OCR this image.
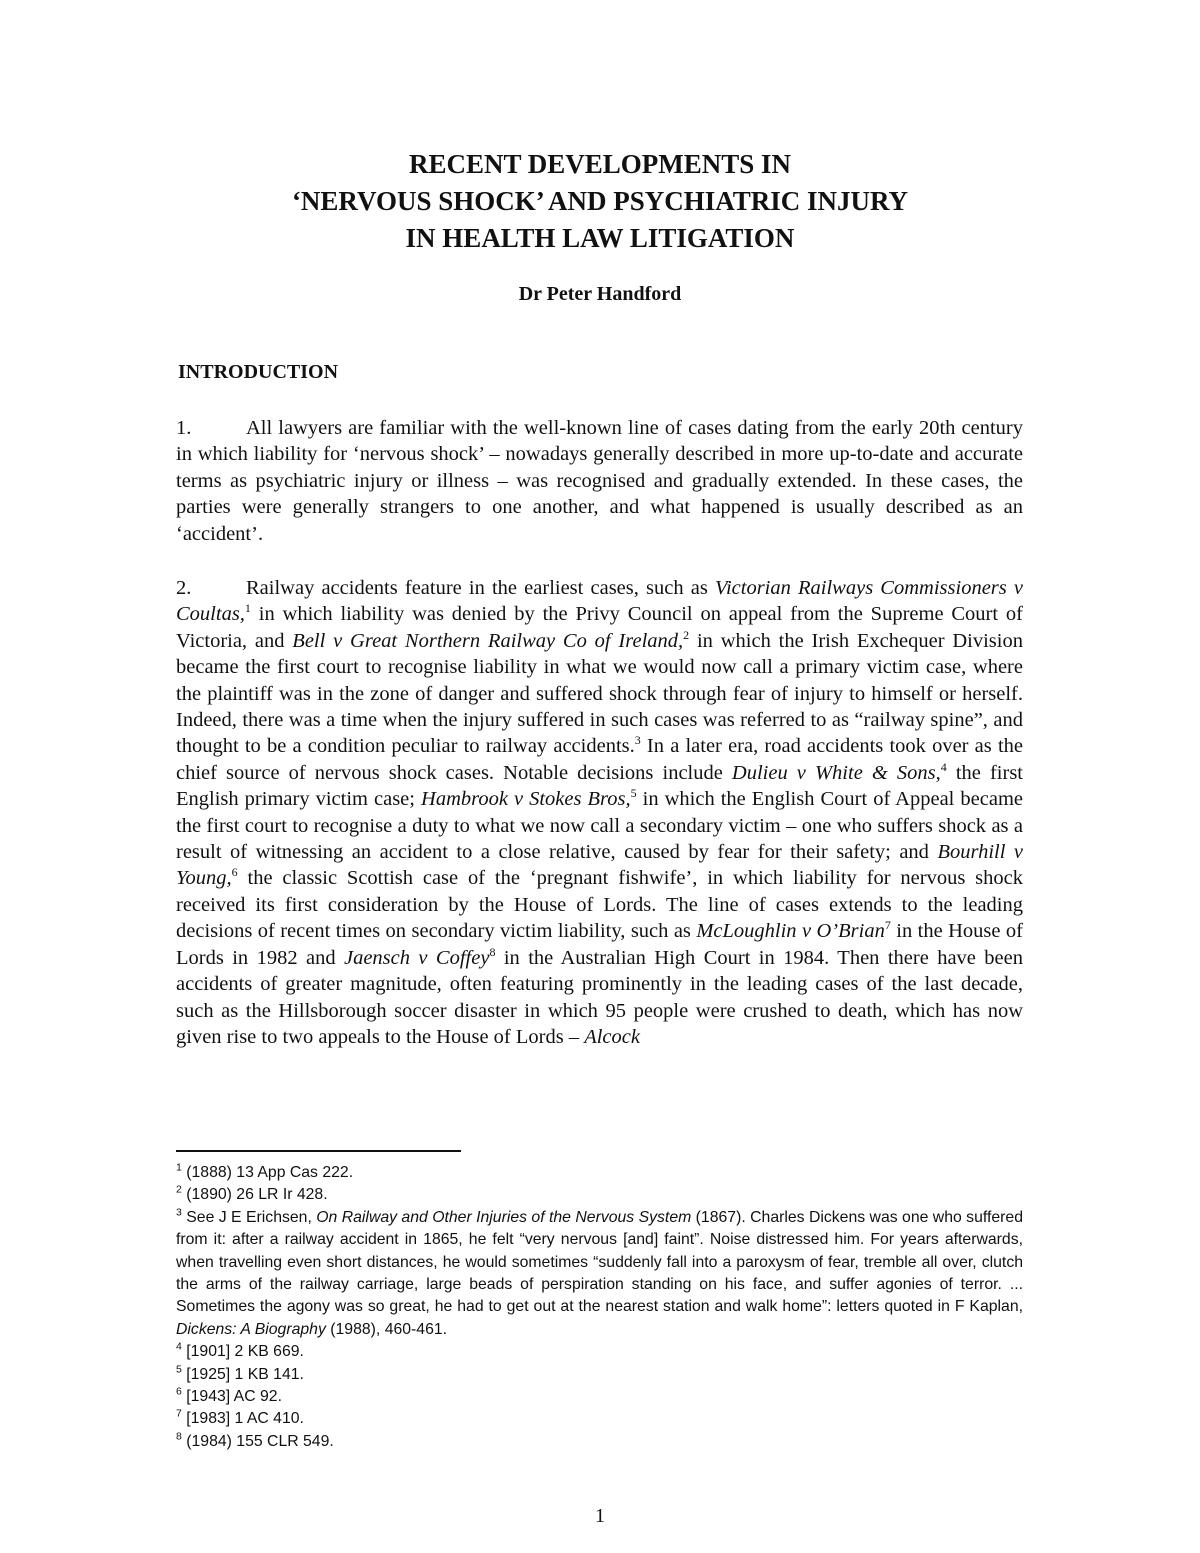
RECENT DEVELOPMENTS IN

‘NERVOUS SHOCK’ AND PSYCHIATRIC INJURY

IN HEALTH LAW LITIGATION

Dr Peter Handford
INTRODUCTION

1.	All lawyers are familiar with the well-known line of cases dating from the early 20th century in which liability for ‘nervous shock’ – nowadays generally described in more up-to-date and accurate terms as psychiatric injury or illness – was recognised and gradually extended. In these cases, the parties were generally strangers to one another, and what happened is usually described as an ‘accident’.

2.	Railway accidents feature in the earliest cases, such as Victorian Railways Commissioners v Coultas,$^1$ in which liability was denied by the Privy Council on appeal from the Supreme Court of Victoria, and Bell v Great Northern Railway Co of Ireland,$^2$ in which the Irish Exchequer Division became the first court to recognise liability in what we would now call a primary victim case, where the plaintiff was in the zone of danger and suffered shock through fear of injury to himself or herself. Indeed, there was a time when the injury suffered in such cases was referred to as “railway spine”, and thought to be a condition peculiar to railway accidents.$^3$ In a later era, road accidents took over as the chief source of nervous shock cases. Notable decisions include Dulieu v White & Sons,$^4$ the first English primary victim case; Hambrook v Stokes Bros,$^5$ in which the English Court of Appeal became the first court to recognise a duty to what we now call a secondary victim – one who suffers shock as a result of witnessing an accident to a close relative, caused by fear for their safety; and Bourhill v Young,$^6$ the classic Scottish case of the ‘pregnant fishwife’, in which liability for nervous shock received its first consideration by the House of Lords. The line of cases extends to the leading decisions of recent times on secondary victim liability, such as McLoughlin v O’Brian$^7$ in the House of Lords in 1982 and Jaensch v Coffey$^8$ in the Australian High Court in 1984. Then there have been accidents of greater magnitude, often featuring prominently in the leading cases of the last decade, such as the Hillsborough soccer disaster in which 95 people were crushed to death, which has now given rise to two appeals to the House of Lords – Alcock

$^1$ (1888) 13 App Cas 222.

$^2$ (1890) 26 LR Ir 428.

$^3$ See J E Erichsen, On Railway and Other Injuries of the Nervous System (1867). Charles Dickens was one who suffered from it: after a railway accident in 1865, he felt “very nervous [and] faint”. Noise distressed him. For years afterwards, when travelling even short distances, he would sometimes “suddenly fall into a paroxysm of fear, tremble all over, clutch the arms of the railway carriage, large beads of perspiration standing on his face, and suffer agonies of terror. ... Sometimes the agony was so great, he had to get out at the nearest station and walk home”: letters quoted in F Kaplan, Dickens: A Biography (1988), 460-461.

$^4$ [1901] 2 KB 669.

$^5$ [1925] 1 KB 141.

$^6$ [1943] AC 92.

$^7$ [1983] 1 AC 410.

$^8$ (1984) 155 CLR 549.

1
